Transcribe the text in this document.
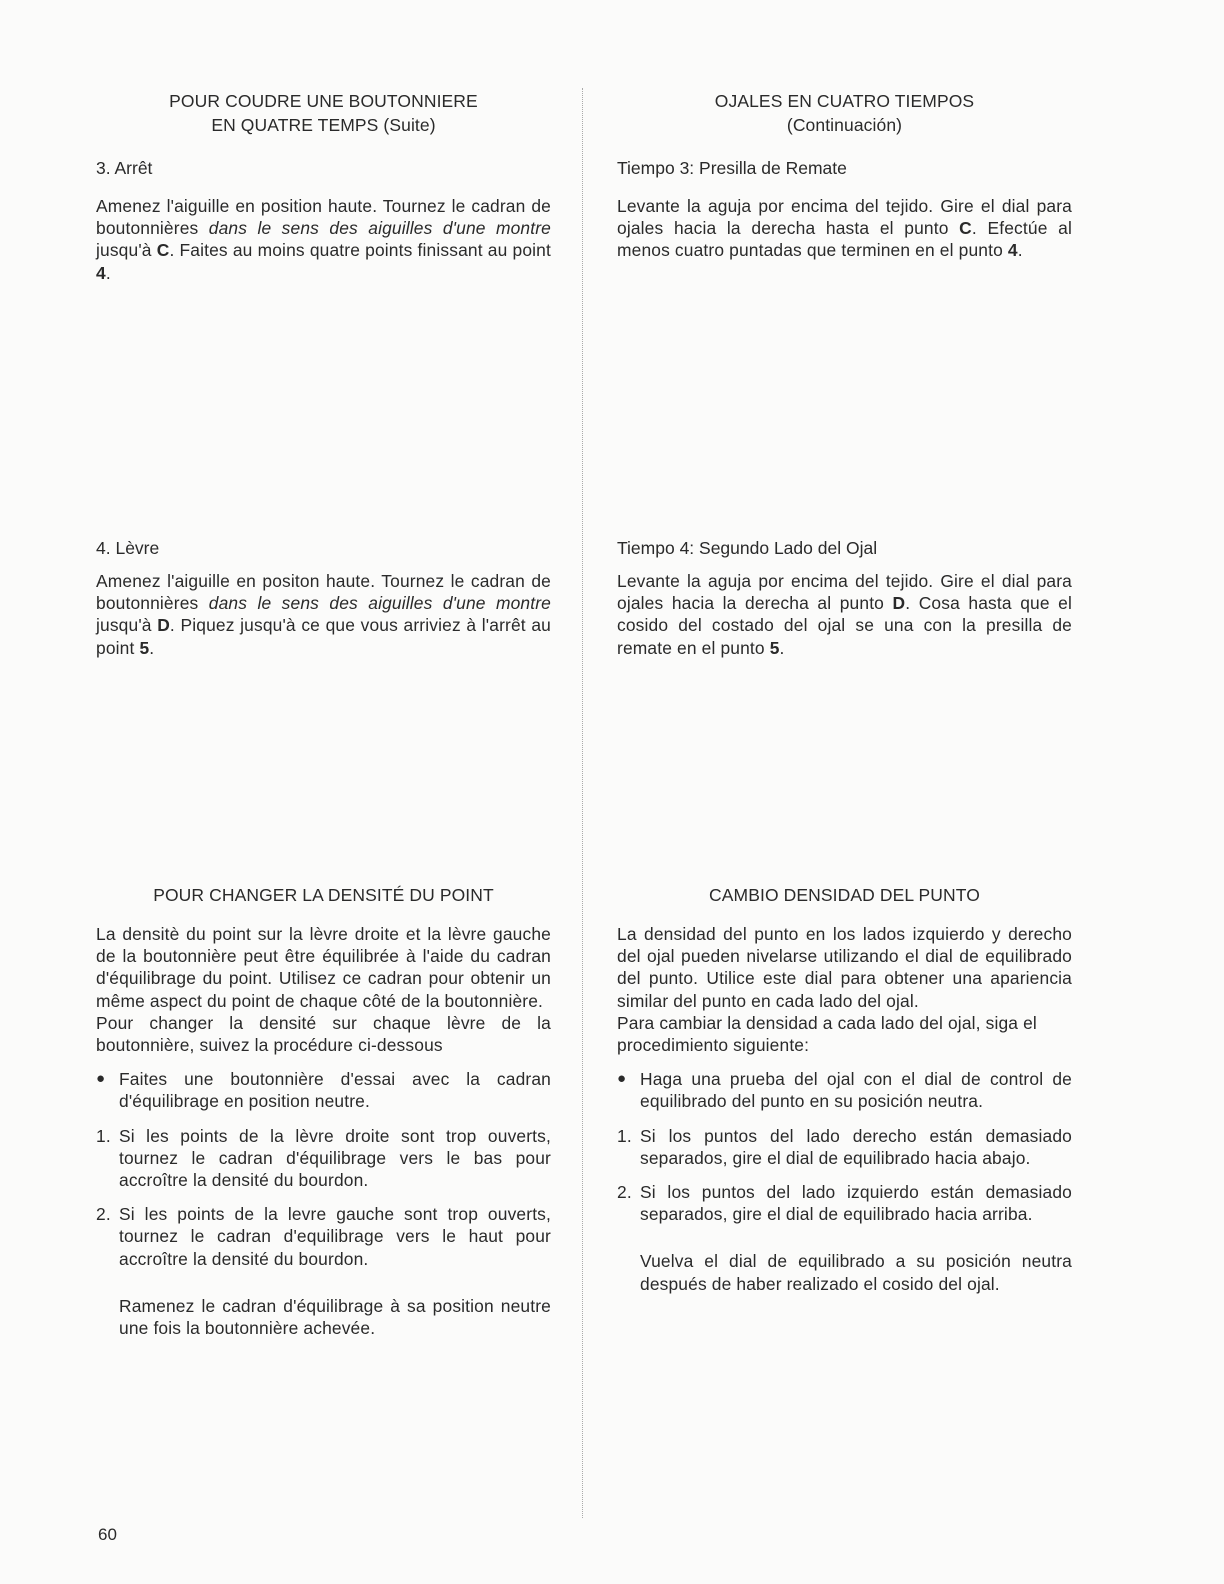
POUR COUDRE UNE BOUTONNIERE
EN QUATRE TEMPS (Suite)
3. Arrêt

Amenez l'aiguille en position haute. Tournez le cadran de boutonnières dans le sens des aiguilles d'une montre jusqu'à C. Faites au moins quatre points finissant au point 4.

4. Lèvre

Amenez l'aiguille en positon haute. Tournez le cadran de boutonnières dans le sens des aiguilles d'une montre jusqu'à D. Piquez jusqu'à ce que vous arriviez à l'arrêt au point 5.

POUR CHANGER LA DENSITÉ DU POINT

La densitè du point sur la lèvre droite et la lèvre gauche de la boutonnière peut être équilibrée à l'aide du cadran d'équilibrage du point. Utilisez ce cadran pour obtenir un même aspect du point de chaque côté de la boutonnière.

Pour changer la densité sur chaque lèvre de la boutonnière, suivez la procédure ci-dessous

● Faites une boutonnière d'essai avec la cadran d'équilibrage en position neutre.
1. Si les points de la lèvre droite sont trop ouverts, tournez le cadran d'équilibrage vers le bas pour accroître la densité du bourdon.
2. Si les points de la levre gauche sont trop ouverts, tournez le cadran d'equilibrage vers le haut pour accroître la densité du bourdon.

Ramenez le cadran d'équilibrage à sa position neutre une fois la boutonnière achevée.

OJALES EN CUATRO TIEMPOS
(Continuación)
Tiempo 3: Presilla de Remate

Levante la aguja por encima del tejido. Gire el dial para ojales hacia la derecha hasta el punto C. Efectúe al menos cuatro puntadas que terminen en el punto 4.

Tiempo 4: Segundo Lado del Ojal

Levante la aguja por encima del tejido. Gire el dial para ojales hacia la derecha al punto D. Cosa hasta que el cosido del costado del ojal se una con la presilla de remate en el punto 5.

CAMBIO DENSIDAD DEL PUNTO

La densidad del punto en los lados izquierdo y derecho del ojal pueden nivelarse utilizando el dial de equilibrado del punto. Utilice este dial para obtener una apariencia similar del punto en cada lado del ojal.

Para cambiar la densidad a cada lado del ojal, siga el procedimiento siguiente:

● Haga una prueba del ojal con el dial de control de equilibrado del punto en su posición neutra.
1. Si los puntos del lado derecho están demasiado separados, gire el dial de equilibrado hacia abajo.
2. Si los puntos del lado izquierdo están demasiado separados, gire el dial de equilibrado hacia arriba.

Vuelva el dial de equilibrado a su posición neutra después de haber realizado el cosido del ojal.

60
